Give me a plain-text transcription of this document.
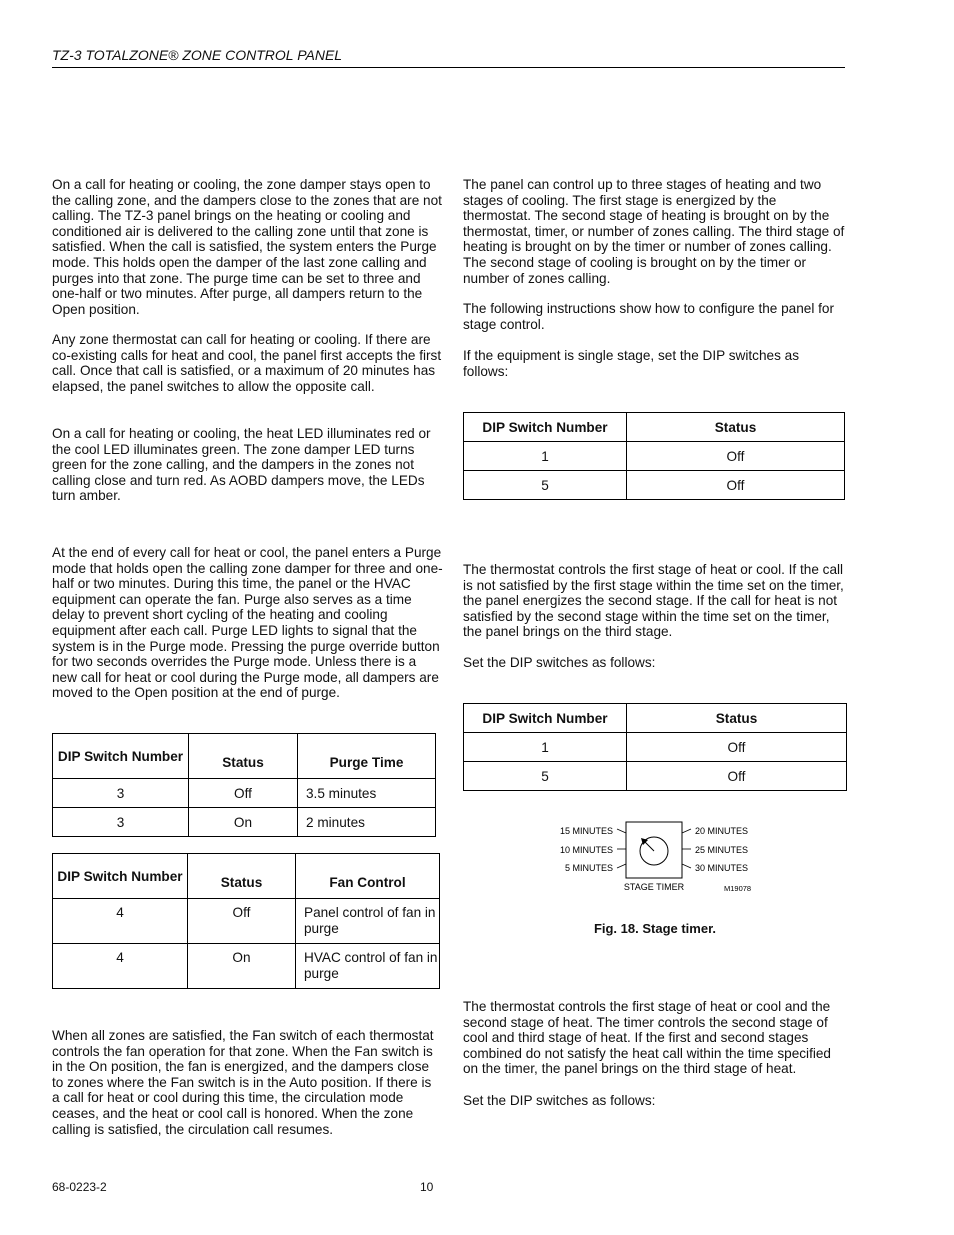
TZ-3 TOTALZONE® ZONE CONTROL PANEL

On a call for heating or cooling, the zone damper stays open to the calling zone, and the dampers close to the zones that are not calling. The TZ-3 panel brings on the heating or cooling and conditioned air is delivered to the calling zone until that zone is satisfied. When the call is satisfied, the system enters the Purge mode. This holds open the damper of the last zone calling and purges into that zone. The purge time can be set to three and one-half or two minutes. After purge, all dampers return to the Open position.

Any zone thermostat can call for heating or cooling. If there are co-existing calls for heat and cool, the panel first accepts the first call. Once that call is satisfied, or a maximum of 20 minutes has elapsed, the panel switches to allow the opposite call.

On a call for heating or cooling, the heat LED illuminates red or the cool LED illuminates green. The zone damper LED turns green for the zone calling, and the dampers in the zones not calling close and turn red. As AOBD dampers move, the LEDs turn amber.

At the end of every call for heat or cool, the panel enters a Purge mode that holds open the calling zone damper for three and one-half or two minutes. During this time, the panel or the HVAC equipment can operate the fan. Purge also serves as a time delay to prevent short cycling of the heating and cooling equipment after each call. Purge LED lights to signal that the system is in the Purge mode. Pressing the purge override button for two seconds overrides the Purge mode. Unless there is a new call for heat or cool during the Purge mode, all dampers are moved to the Open position at the end of purge.

DIP Switch Number	Status	Purge Time
3	Off	3.5 minutes
3	On	2 minutes
DIP Switch Number	Status	Fan Control
4	Off	Panel control of fan in purge
4	On	HVAC control of fan in purge

When all zones are satisfied, the Fan switch of each thermostat controls the fan operation for that zone. When the Fan switch is in the On position, the fan is energized, and the dampers close to zones where the Fan switch is in the Auto position. If there is a call for heat or cool during this time, the circulation mode ceases, and the heat or cool call is honored. When the zone calling is satisfied, the circulation call resumes.

The panel can control up to three stages of heating and two stages of cooling. The first stage is energized by the thermostat. The second stage of heating is brought on by the thermostat, timer, or number of zones calling. The third stage of heating is brought on by the timer or number of zones calling. The second stage of cooling is brought on by the timer or number of zones calling.

The following instructions show how to configure the panel for stage control.

If the equipment is single stage, set the DIP switches as follows:

DIP Switch Number	Status
1	Off
5	Off

The thermostat controls the first stage of heat or cool. If the call is not satisfied by the first stage within the time set on the timer, the panel energizes the second stage. If the call for heat is not satisfied by the second stage within the time set on the timer, the panel brings on the third stage.

Set the DIP switches as follows:

DIP Switch Number	Status
1	Off
5	Off
15 MINUTES
10 MINUTES
5 MINUTES
20 MINUTES
25 MINUTES
30 MINUTES
STAGE TIMER	M19078
Fig. 18. Stage timer.

The thermostat controls the first stage of heat or cool and the second stage of heat. The timer controls the second stage of cool and third stage of heat. If the first and second stages combined do not satisfy the heat call within the time specified on the timer, the panel brings on the third stage of heat.

Set the DIP switches as follows:

68-0223-2	10
